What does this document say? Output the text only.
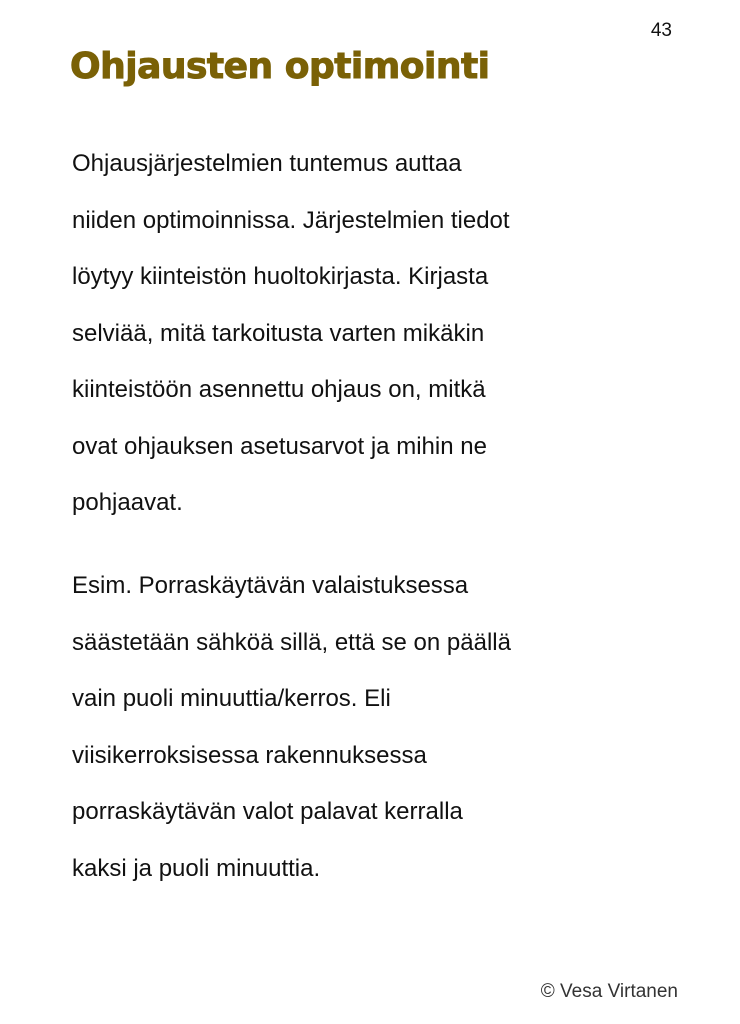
43
Ohjausten optimointi
Ohjausjärjestelmien tuntemus auttaa
niiden optimoinnissa. Järjestelmien tiedot
löytyy kiinteistön huoltokirjasta. Kirjasta
selviää, mitä tarkoitusta varten mikäkin
kiinteistöön asennettu ohjaus on, mitkä
ovat ohjauksen asetusarvot ja mihin ne
pohjaavat.
Esim. Porraskäytävän valaistuksessa
säästetään sähköä sillä, että se on päällä
vain puoli minuuttia/kerros. Eli
viisikerroksisessa rakennuksessa
porraskäytävän valot palavat kerralla
kaksi ja puoli minuuttia.
© Vesa Virtanen
